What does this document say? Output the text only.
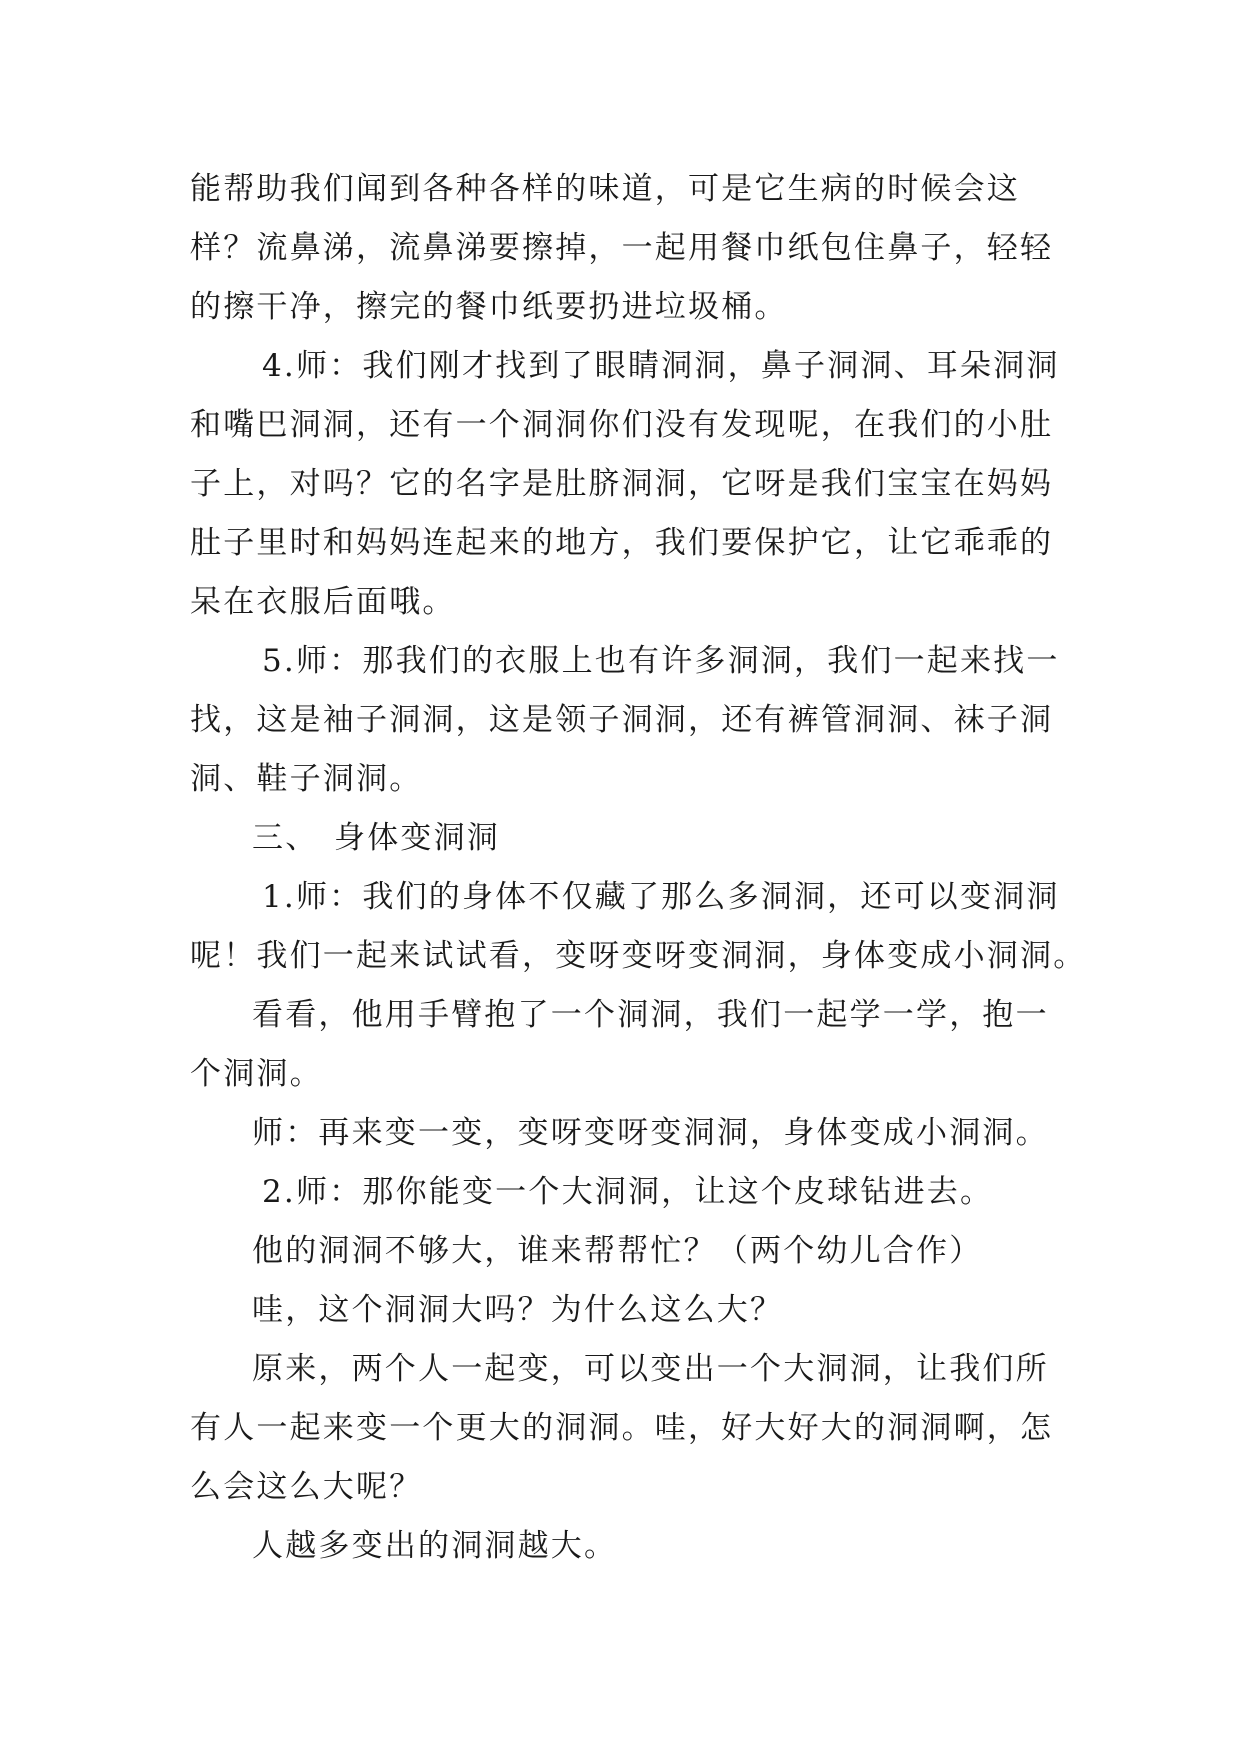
能帮助我们闻到各种各样的味道，可是它生病的时候会这
样？流鼻涕，流鼻涕要擦掉，一起用餐巾纸包住鼻子，轻轻
的擦干净，擦完的餐巾纸要扔进垃圾桶。
4.师：我们刚才找到了眼睛洞洞，鼻子洞洞、耳朵洞洞
和嘴巴洞洞，还有一个洞洞你们没有发现呢，在我们的小肚
子上，对吗？它的名字是肚脐洞洞，它呀是我们宝宝在妈妈
肚子里时和妈妈连起来的地方，我们要保护它，让它乖乖的
呆在衣服后面哦。
5.师：那我们的衣服上也有许多洞洞，我们一起来找一
找，这是袖子洞洞，这是领子洞洞，还有裤管洞洞、袜子洞
洞、鞋子洞洞。
三、 身体变洞洞
1.师：我们的身体不仅藏了那么多洞洞，还可以变洞洞
呢！我们一起来试试看，变呀变呀变洞洞，身体变成小洞洞。
看看，他用手臂抱了一个洞洞，我们一起学一学，抱一
个洞洞。
师：再来变一变，变呀变呀变洞洞，身体变成小洞洞。
2.师：那你能变一个大洞洞，让这个皮球钻进去。
他的洞洞不够大，谁来帮帮忙？（两个幼儿合作）
哇，这个洞洞大吗？为什么这么大？
原来，两个人一起变，可以变出一个大洞洞，让我们所
有人一起来变一个更大的洞洞。哇，好大好大的洞洞啊，怎
么会这么大呢？
人越多变出的洞洞越大。
